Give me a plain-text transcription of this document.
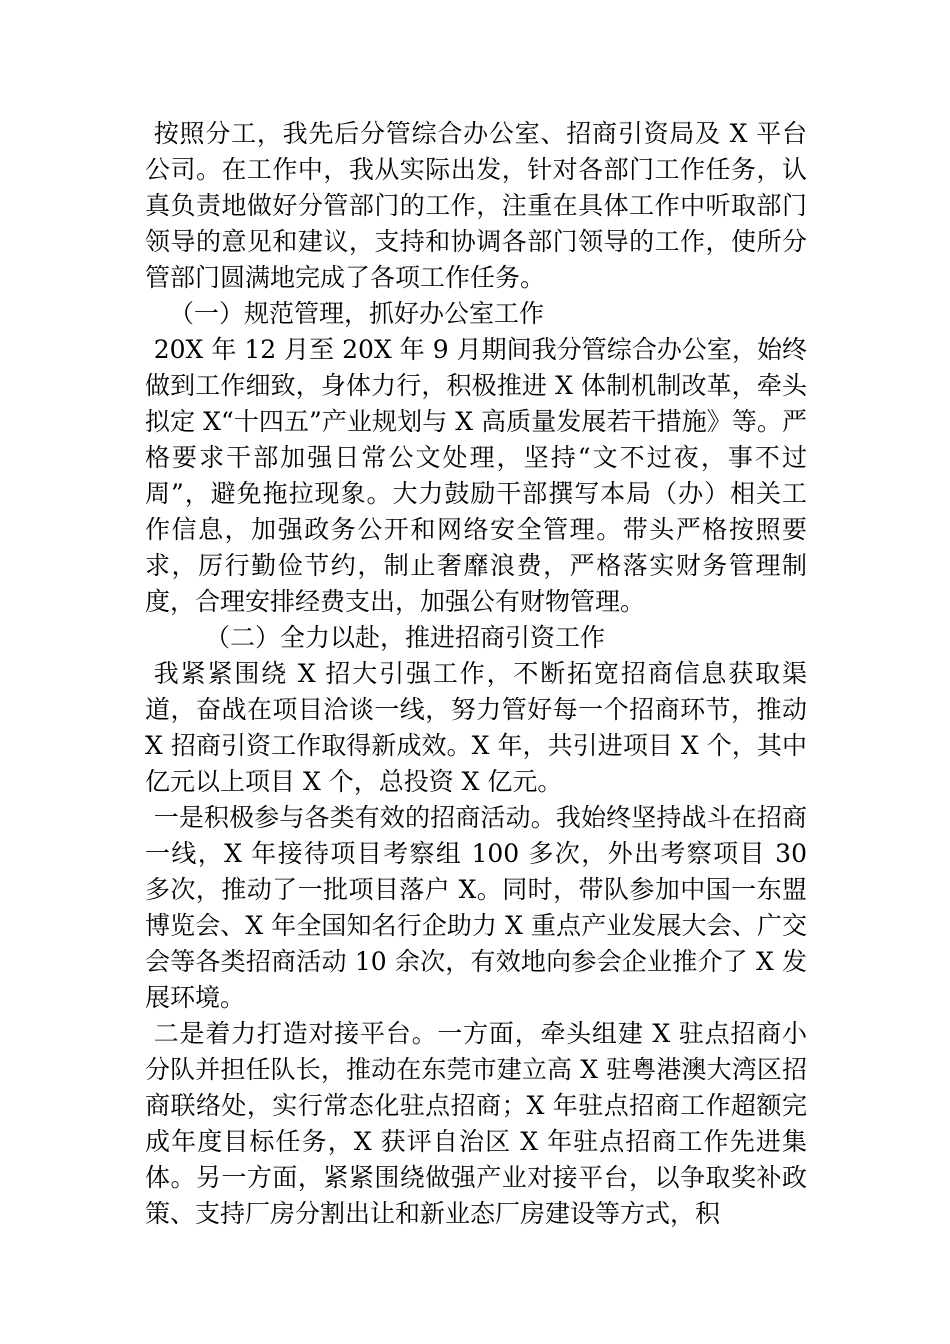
按照分工，我先后分管综合办公室、招商引资局及 X 平台公司。在工作中，我从实际出发，针对各部门工作任务，认真负责地做好分管部门的工作，注重在具体工作中听取部门领导的意见和建议，支持和协调各部门领导的工作，使所分管部门圆满地完成了各项工作任务。

（一）规范管理，抓好办公室工作

20X 年 12 月至 20X 年 9 月期间我分管综合办公室，始终做到工作细致，身体力行，积极推进 X 体制机制改革，牵头拟定 X“十四五”产业规划与 X 高质量发展若干措施》等。严格要求干部加强日常公文处理，坚持“文不过夜，事不过周”，避免拖拉现象。大力鼓励干部撰写本局（办）相关工作信息，加强政务公开和网络安全管理。带头严格按照要求，厉行勤俭节约，制止奢靡浪费，严格落实财务管理制度，合理安排经费支出，加强公有财物管理。

（二）全力以赴，推进招商引资工作

我紧紧围绕 X 招大引强工作，不断拓宽招商信息获取渠道，奋战在项目洽谈一线，努力管好每一个招商环节，推动 X 招商引资工作取得新成效。X 年，共引进项目 X 个，其中亿元以上项目 X 个，总投资 X 亿元。

一是积极参与各类有效的招商活动。我始终坚持战斗在招商一线，X 年接待项目考察组 100 多次，外出考察项目 30 多次，推动了一批项目落户 X。同时，带队参加中国一东盟博览会、X 年全国知名行企助力 X 重点产业发展大会、广交会等各类招商活动 10 余次，有效地向参会企业推介了 X 发展环境。

二是着力打造对接平台。一方面，牵头组建 X 驻点招商小分队并担任队长，推动在东莞市建立高 X 驻粤港澳大湾区招商联络处，实行常态化驻点招商；X 年驻点招商工作超额完成年度目标任务，X 获评自治区 X 年驻点招商工作先进集体。另一方面，紧紧围绕做强产业对接平台，以争取奖补政策、支持厂房分割出让和新业态厂房建设等方式，积
